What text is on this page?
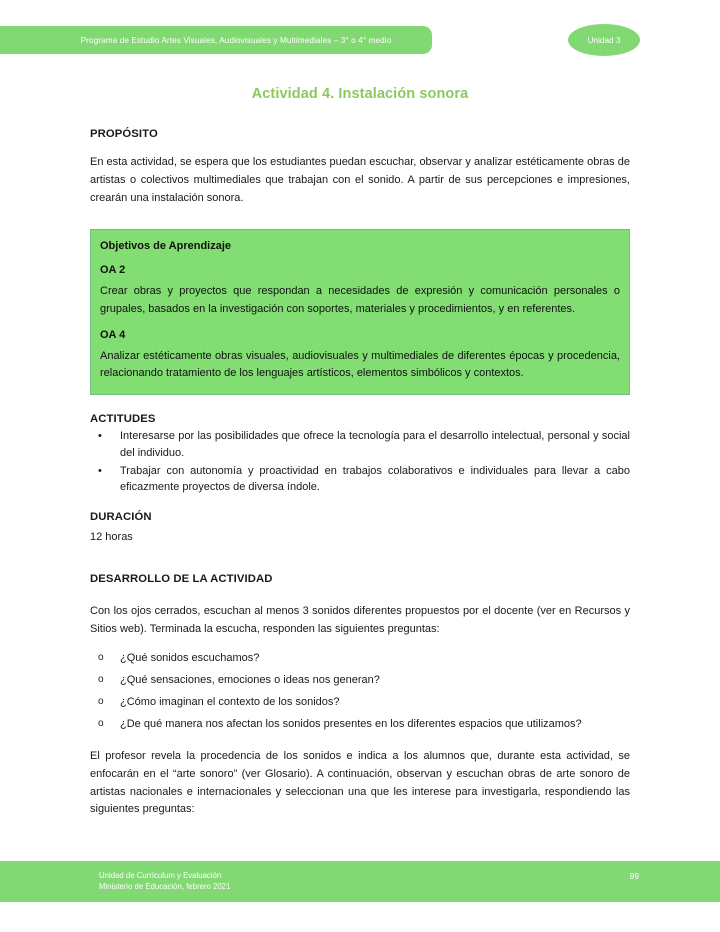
Programa de Estudio Artes Visuales, Audiovisuales y Multimediales – 3° o 4° medio	Unidad 3
Actividad 4. Instalación sonora
PROPÓSITO

En esta actividad, se espera que los estudiantes puedan escuchar, observar y analizar estéticamente obras de artistas o colectivos multimediales que trabajan con el sonido. A partir de sus percepciones e impresiones, crearán una instalación sonora.

Objetivos de Aprendizaje
OA 2

Crear obras y proyectos que respondan a necesidades de expresión y comunicación personales o grupales, basados en la investigación con soportes, materiales y procedimientos, y en referentes.

OA 4

Analizar estéticamente obras visuales, audiovisuales y multimediales de diferentes épocas y procedencia, relacionando tratamiento de los lenguajes artísticos, elementos simbólicos y contextos.

ACTITUDES
• Interesarse por las posibilidades que ofrece la tecnología para el desarrollo intelectual, personal y social del individuo.
• Trabajar con autonomía y proactividad en trabajos colaborativos e individuales para llevar a cabo eficazmente proyectos de diversa índole.
DURACIÓN
12 horas
DESARROLLO DE LA ACTIVIDAD

Con los ojos cerrados, escuchan al menos 3 sonidos diferentes propuestos por el docente (ver en Recursos y Sitios web). Terminada la escucha, responden las siguientes preguntas:

o ¿Qué sonidos escuchamos?
o ¿Qué sensaciones, emociones o ideas nos generan?
o ¿Cómo imaginan el contexto de los sonidos?
o ¿De qué manera nos afectan los sonidos presentes en los diferentes espacios que utilizamos?

El profesor revela la procedencia de los sonidos e indica a los alumnos que, durante esta actividad, se enfocarán en el “arte sonoro” (ver Glosario). A continuación, observan y escuchan obras de arte sonoro de artistas nacionales e internacionales y seleccionan una que les interese para investigarla, respondiendo las siguientes preguntas:

Unidad de Currículum y Evaluación
Ministerio de Educación, febrero 2021
99
